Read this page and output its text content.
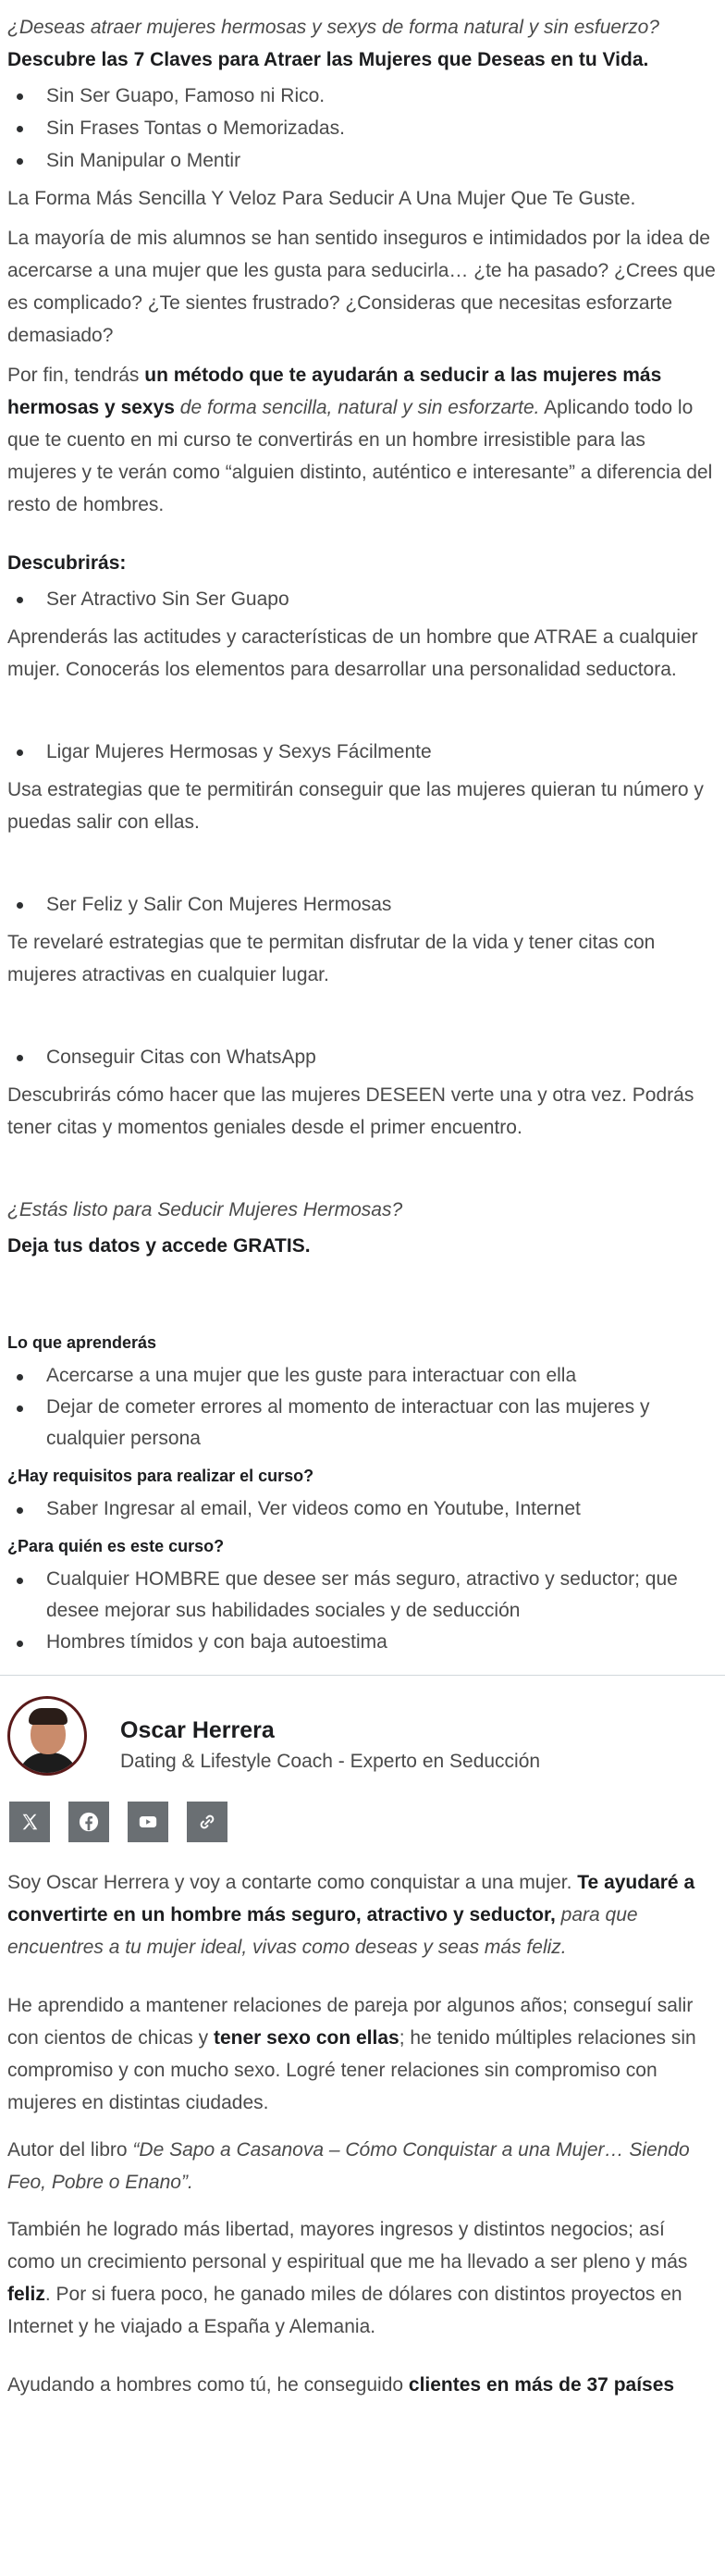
¿Deseas atraer mujeres hermosas y sexys de forma natural y sin esfuerzo?

Descubre las 7 Claves para Atraer las Mujeres que Deseas en tu Vida.

Sin Ser Guapo, Famoso ni Rico.
Sin Frases Tontas o Memorizadas.
Sin Manipular o Mentir

La Forma Más Sencilla Y Veloz Para Seducir A Una Mujer Que Te Guste.

La mayoría de mis alumnos se han sentido inseguros e intimidados por la idea de acercarse a una mujer que les gusta para seducirla… ¿te ha pasado? ¿Crees que es complicado? ¿Te sientes frustrado? ¿Consideras que necesitas esforzarte demasiado?

Por fin, tendrás un método que te ayudarán a seducir a las mujeres más hermosas y sexys de forma sencilla, natural y sin esforzarte. Aplicando todo lo que te cuento en mi curso te convertirás en un hombre irresistible para las mujeres y te verán como “alguien distinto, auténtico e interesante” a diferencia del resto de hombres.

Descubrirás:

Ser Atractivo Sin Ser Guapo

Aprenderás las actitudes y características de un hombre que ATRAE a cualquier mujer. Conocerás los elementos para desarrollar una personalidad seductora.

Ligar Mujeres Hermosas y Sexys Fácilmente

Usa estrategias que te permitirán conseguir que las mujeres quieran tu número y puedas salir con ellas.

Ser Feliz y Salir Con Mujeres Hermosas

Te revelaré estrategias que te permitan disfrutar de la vida y tener citas con mujeres atractivas en cualquier lugar.

Conseguir Citas con WhatsApp

Descubrirás cómo hacer que las mujeres DESEEN verte una y otra vez. Podrás tener citas y momentos geniales desde el primer encuentro.

¿Estás listo para Seducir Mujeres Hermosas?

Deja tus datos y accede GRATIS.

Lo que aprenderás
Acercarse a una mujer que les guste para interactuar con ella
Dejar de cometer errores al momento de interactuar con las mujeres y cualquier persona
¿Hay requisitos para realizar el curso?
Saber Ingresar al email, Ver videos como en Youtube, Internet
¿Para quién es este curso?
Cualquier HOMBRE que desee ser más seguro, atractivo y seductor; que desee mejorar sus habilidades sociales y de seducción
Hombres tímidos y con baja autoestima
Oscar Herrera
Dating & Lifestyle Coach - Experto en Seducción

Soy Oscar Herrera y voy a contarte como conquistar a una mujer. Te ayudaré a convertirte en un hombre más seguro, atractivo y seductor, para que encuentres a tu mujer ideal, vivas como deseas y seas más feliz.

He aprendido a mantener relaciones de pareja por algunos años; conseguí salir con cientos de chicas y tener sexo con ellas; he tenido múltiples relaciones sin compromiso y con mucho sexo. Logré tener relaciones sin compromiso con mujeres en distintas ciudades.

Autor del libro “De Sapo a Casanova – Cómo Conquistar a una Mujer… Siendo Feo, Pobre o Enano”.

También he logrado más libertad, mayores ingresos y distintos negocios; así como un crecimiento personal y espiritual que me ha llevado a ser pleno y más feliz. Por si fuera poco, he ganado miles de dólares con distintos proyectos en Internet y he viajado a España y Alemania.

Ayudando a hombres como tú, he conseguido clientes en más de 37 países
